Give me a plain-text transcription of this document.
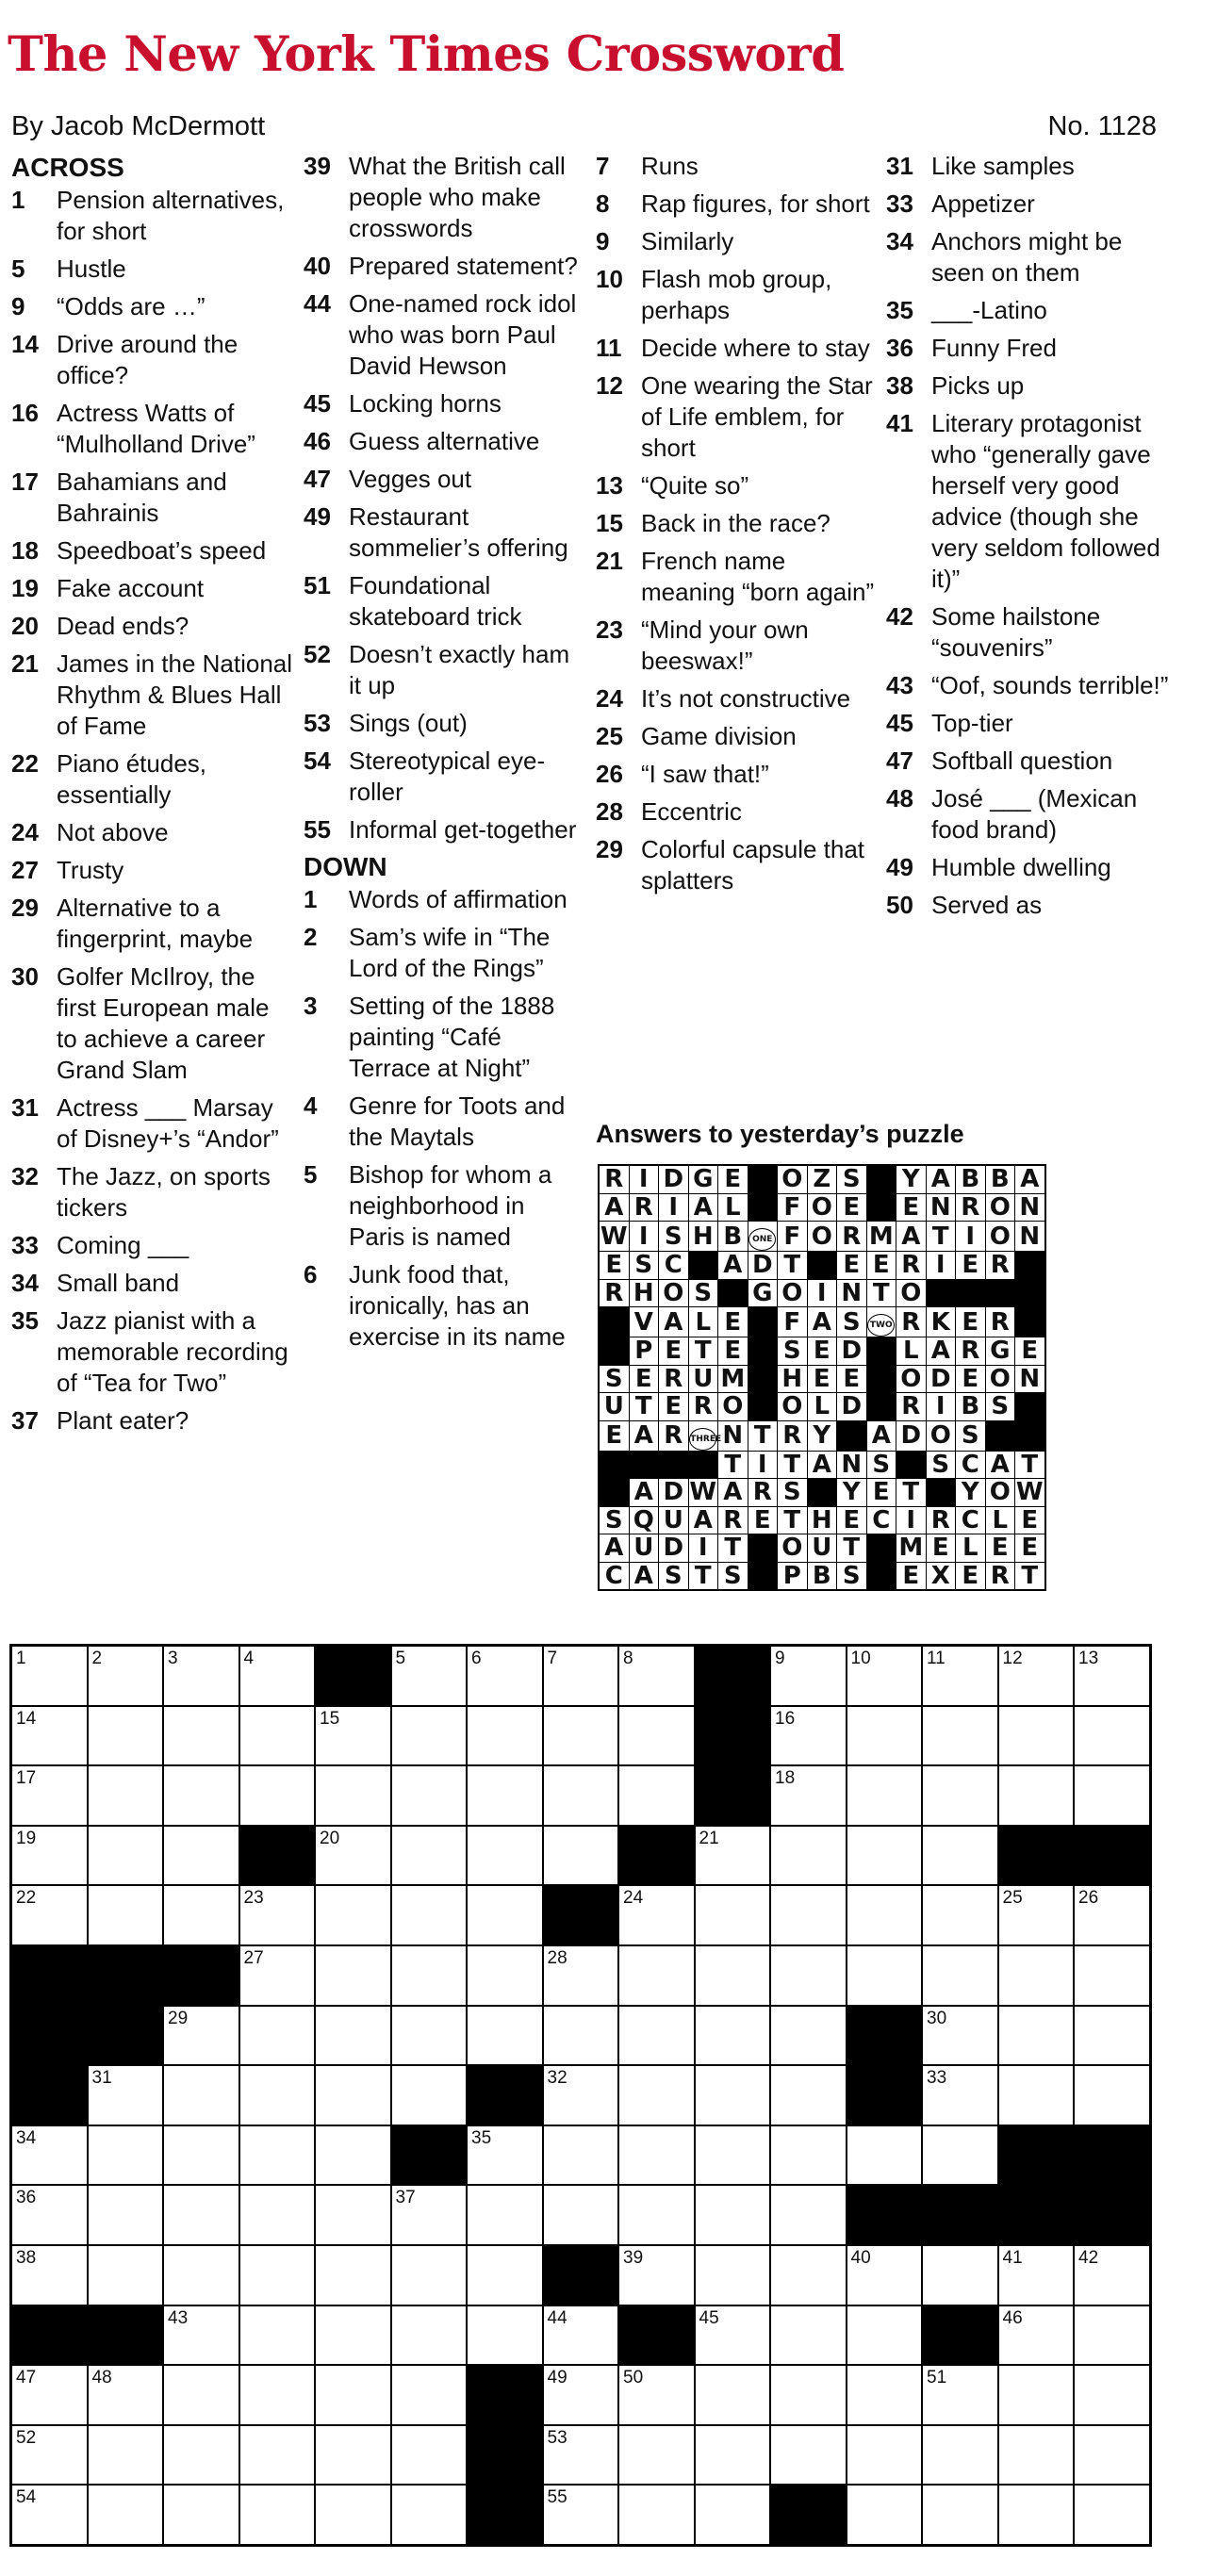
The New York Times Crossword
By Jacob McDermott	No. 1128
ACROSS
1	Pension alternatives, for short
5	Hustle
9	“Odds are …”
14 Drive around the office?
16 Actress Watts of “Mulholland Drive”
17 Bahamians and Bahrainis
18 Speedboat’s speed
19 Fake account
20 Dead ends?
21 James in the National Rhythm & Blues Hall of Fame
22 Piano études, essentially
24 Not above
27 Trusty
29 Alternative to a fingerprint, maybe
30 Golfer McIlroy, the first European male to achieve a career Grand Slam
31 Actress ___ Marsay of Disney+’s “Andor”
32 The Jazz, on sports tickers
33 Coming ___
34 Small band
35 Jazz pianist with a memorable recording of “Tea for Two”
37 Plant eater?
39 What the British call people who make crosswords
40 Prepared statement?
44 One-named rock idol who was born Paul David Hewson
45 Locking horns
46 Guess alternative
47 Vegges out
49 Restaurant sommelier’s offering
51 Foundational skateboard trick
52 Doesn’t exactly ham it up
53 Sings (out)
54 Stereotypical eye-roller
55 Informal get-together
DOWN
1	Words of affirmation
2	Sam’s wife in “The Lord of the Rings”
3	Setting of the 1888 painting “Café Terrace at Night”
4	Genre for Toots and the Maytals
5	Bishop for whom a neighborhood in Paris is named
6	Junk food that, ironically, has an exercise in its name
7	Runs
8	Rap figures, for short
9	Similarly
10 Flash mob group, perhaps
11 Decide where to stay
12 One wearing the Star of Life emblem, for short
13 “Quite so”
15 Back in the race?
21 French name meaning “born again”
23 “Mind your own beeswax!”
24 It’s not constructive
25 Game division
26 “I saw that!”
28 Eccentric
29 Colorful capsule that splatters
31 Like samples
33 Appetizer
34 Anchors might be seen on them
35 ___-Latino
36 Funny Fred
38 Picks up
41 Literary protagonist who “generally gave herself very good advice (though she very seldom followed it)”
42 Some hailstone “souvenirs”
43 “Oof, sounds terrible!”
45 Top-tier
47 Softball question
48 José ___ (Mexican food brand)
49 Humble dwelling
50 Served as
Answers to yesterday’s puzzle
R	I	D	G	E		O	Z	S		Y	A	B	B	A
A	R	I	A	L		F	O	E		E	N	R	O	N
W	I	S	H	B	ONE	F	O	R	M	A	T	I	O	N
E	S	C		A	D	T		E	E	R	I	E	R	
R	H	O	S		G	O	I	N	T	O				
	V	A	L	E		F	A	S	TWO	R	K	E	R	
	P	E	T	E		S	E	D		L	A	R	G	E
S	E	R	U	M		H	E	E		O	D	E	O	N
U	T	E	R	O		O	L	D		R	I	B	S	
E	A	R	THREE	N	T	R	Y		A	D	O	S		
				T	I	T	A	N	S		S	C	A	T
	A	D	W	A	R	S		Y	E	T		Y	O	W
S	Q	U	A	R	E	T	H	E	C	I	R	C	L	E
A	U	D	I	T		O	U	T		M	E	L	E	E
C	A	S	T	S		P	B	S		E	X	E	R	T
1	2	3	4		5	6	7	8		9	10	11	12	13

14				15						16				

17										18				

19				20					21					

22			23					24					25	26

			27				28							

		29										30		

	31						32					33		

34						35								

36					37									

38								39			40		41	42

		43					44		45				46	

47	48						49	50				51		

52							53							

54							55							
